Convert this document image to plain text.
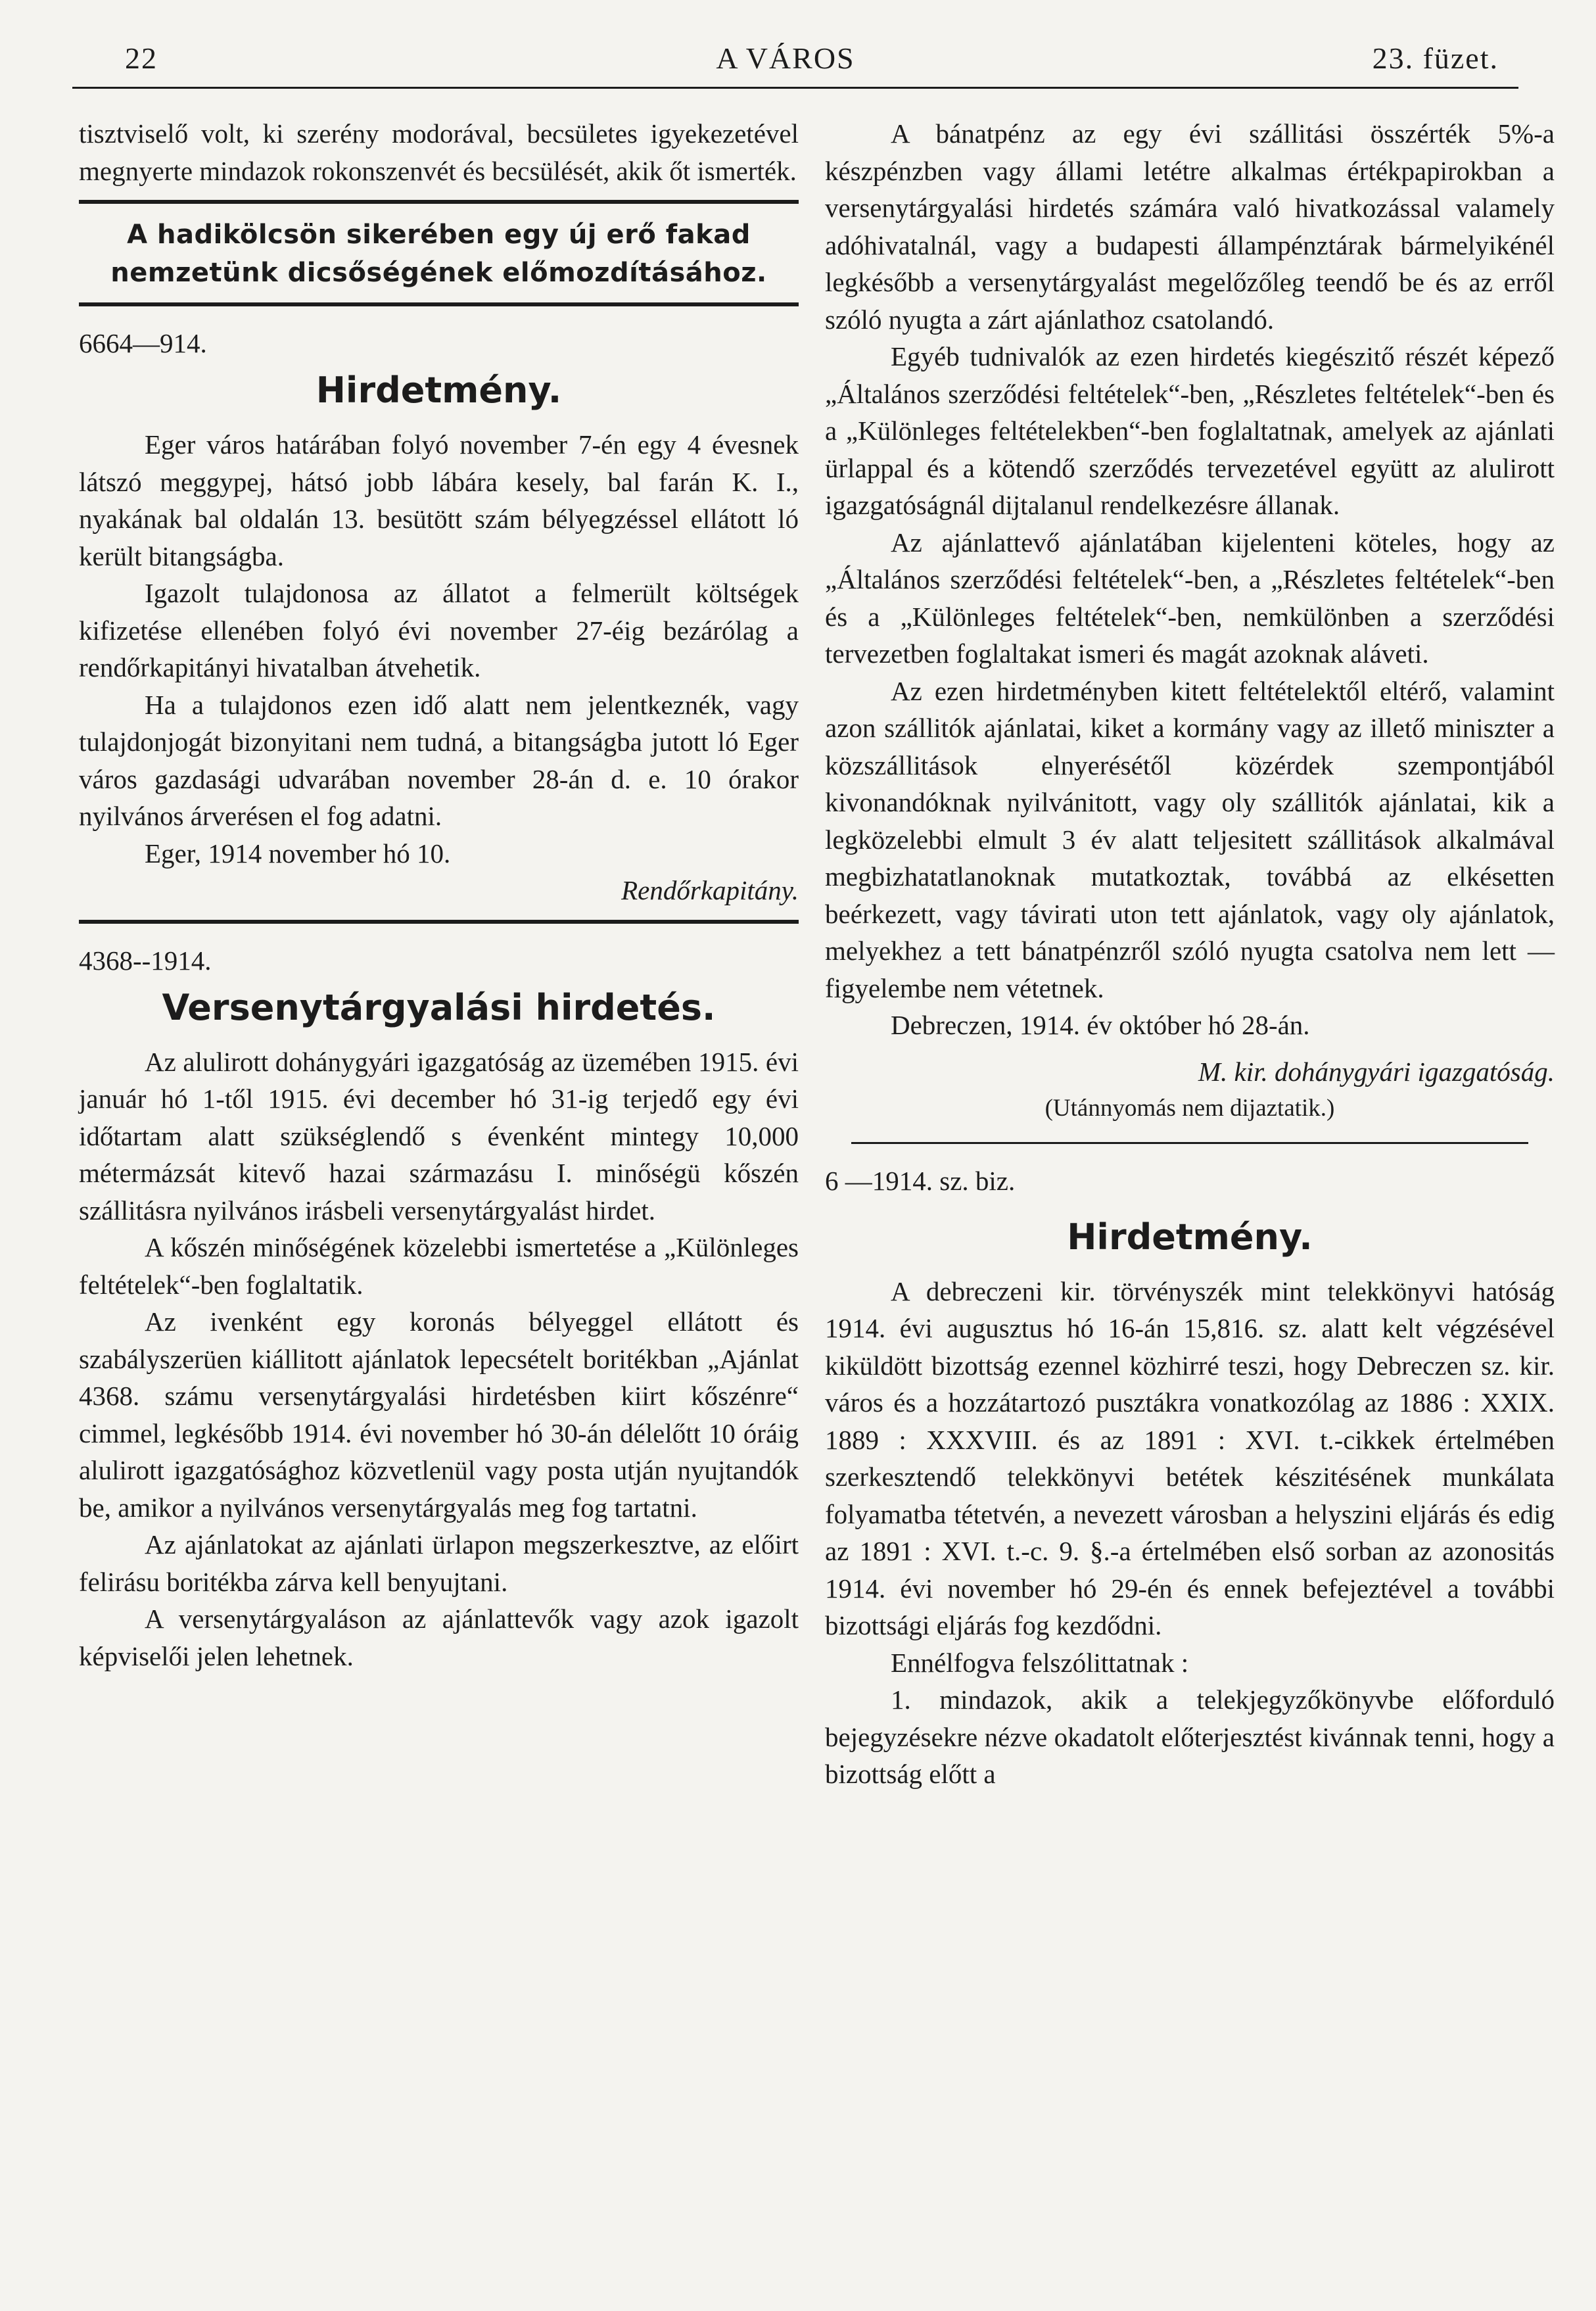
22	A VÁROS	23. füzet.

tisztviselő volt, ki szerény modorával, becsületes igyekezetével megnyerte mindazok rokonszenvét és becsülését, akik őt ismerték.

A hadikölcsön sikerében egy új erő fakad nemzetünk dicsőségének előmozdításához.

6664—914.
Hirdetmény.

Eger város határában folyó november 7-én egy 4 évesnek látszó meggypej, hátsó jobb lábára kesely, bal farán K. I., nyakának bal oldalán 13. besütött szám bélyegzéssel ellátott ló került bitangságba.

Igazolt tulajdonosa az állatot a felmerült költségek kifizetése ellenében folyó évi november 27-éig bezárólag a rendőrkapitányi hivatalban átvehetik.

Ha a tulajdonos ezen idő alatt nem jelentkeznék, vagy tulajdonjogát bizonyitani nem tudná, a bitangságba jutott ló Eger város gazdasági udvarában november 28-án d. e. 10 órakor nyilvános árverésen el fog adatni.

Eger, 1914 november hó 10.

Rendőrkapitány.

4368--1914.
Versenytárgyalási hirdetés.

Az alulirott dohánygyári igazgatóság az üzemében 1915. évi január hó 1-től 1915. évi december hó 31-ig terjedő egy évi időtartam alatt szükséglendő s évenként mintegy 10,000 métermázsát kitevő hazai származásu I. minőségü kőszén szállitásra nyilvános irásbeli versenytárgyalást hirdet.

A kőszén minőségének közelebbi ismertetése a „Különleges feltételek“-ben foglaltatik.

Az ivenként egy koronás bélyeggel ellátott és szabályszerüen kiállitott ajánlatok lepecsételt boritékban „Ajánlat 4368. számu versenytárgyalási hirdetésben kiirt kőszénre“ cimmel, legkésőbb 1914. évi november hó 30-án délelőtt 10 óráig alulirott igazgatósághoz közvetlenül vagy posta utján nyujtandók be, amikor a nyilvános versenytárgyalás meg fog tartatni.

Az ajánlatokat az ajánlati ürlapon megszerkesztve, az előirt felirásu boritékba zárva kell benyujtani.

A versenytárgyaláson az ajánlattevők vagy azok igazolt képviselői jelen lehetnek.

A bánatpénz az egy évi szállitási összérték 5%-a készpénzben vagy állami letétre alkalmas értékpapirokban a versenytárgyalási hirdetés számára való hivatkozással valamely adóhivatalnál, vagy a budapesti állampénztárak bármelyikénél legkésőbb a versenytárgyalást megelőzőleg teendő be és az erről szóló nyugta a zárt ajánlathoz csatolandó.

Egyéb tudnivalók az ezen hirdetés kiegészitő részét képező „Általános szerződési feltételek“-ben, „Részletes feltételek“-ben és a „Különleges feltételekben“-ben foglaltatnak, amelyek az ajánlati ürlappal és a kötendő szerződés tervezetével együtt az alulirott igazgatóságnál dijtalanul rendelkezésre állanak.

Az ajánlattevő ajánlatában kijelenteni köteles, hogy az „Általános szerződési feltételek“-ben, a „Részletes feltételek“-ben és a „Különleges feltételek“-ben, nemkülönben a szerződési tervezetben foglaltakat ismeri és magát azoknak aláveti.

Az ezen hirdetményben kitett feltételektől eltérő, valamint azon szállitók ajánlatai, kiket a kormány vagy az illető miniszter a közszállitások elnyerésétől közérdek szempontjából kivonandóknak nyilvánitott, vagy oly szállitók ajánlatai, kik a legközelebbi elmult 3 év alatt teljesitett szállitások alkalmával megbizhatatlanoknak mutatkoztak, továbbá az elkésetten beérkezett, vagy távirati uton tett ajánlatok, vagy oly ajánlatok, melyekhez a tett bánatpénzről szóló nyugta csatolva nem lett — figyelembe nem vétetnek.

Debreczen, 1914. év október hó 28-án.

M. kir. dohánygyári igazgatóság.

(Utánnyomás nem dijaztatik.)

6 —1914. sz. biz.
Hirdetmény.

A debreczeni kir. törvényszék mint telekkönyvi hatóság 1914. évi augusztus hó 16-án 15,816. sz. alatt kelt végzésével kiküldött bizottság ezennel közhirré teszi, hogy Debreczen sz. kir. város és a hozzátartozó pusztákra vonatkozólag az 1886 : XXIX. 1889 : XXXVIII. és az 1891 : XVI. t.-cikkek értelmében szerkesztendő telekkönyvi betétek készitésének munkálata folyamatba tétetvén, a nevezett városban a helyszini eljárás és edig az 1891 : XVI. t.-c. 9. §.-a értelmében első sorban az azonositás 1914. évi november hó 29-én és ennek befejeztével a további bizottsági eljárás fog kezdődni.

Ennélfogva felszólittatnak :

1. mindazok, akik a telekjegyzőkönyvbe előforduló bejegyzésekre nézve okadatolt előterjesztést kivánnak tenni, hogy a bizottság előtt a
